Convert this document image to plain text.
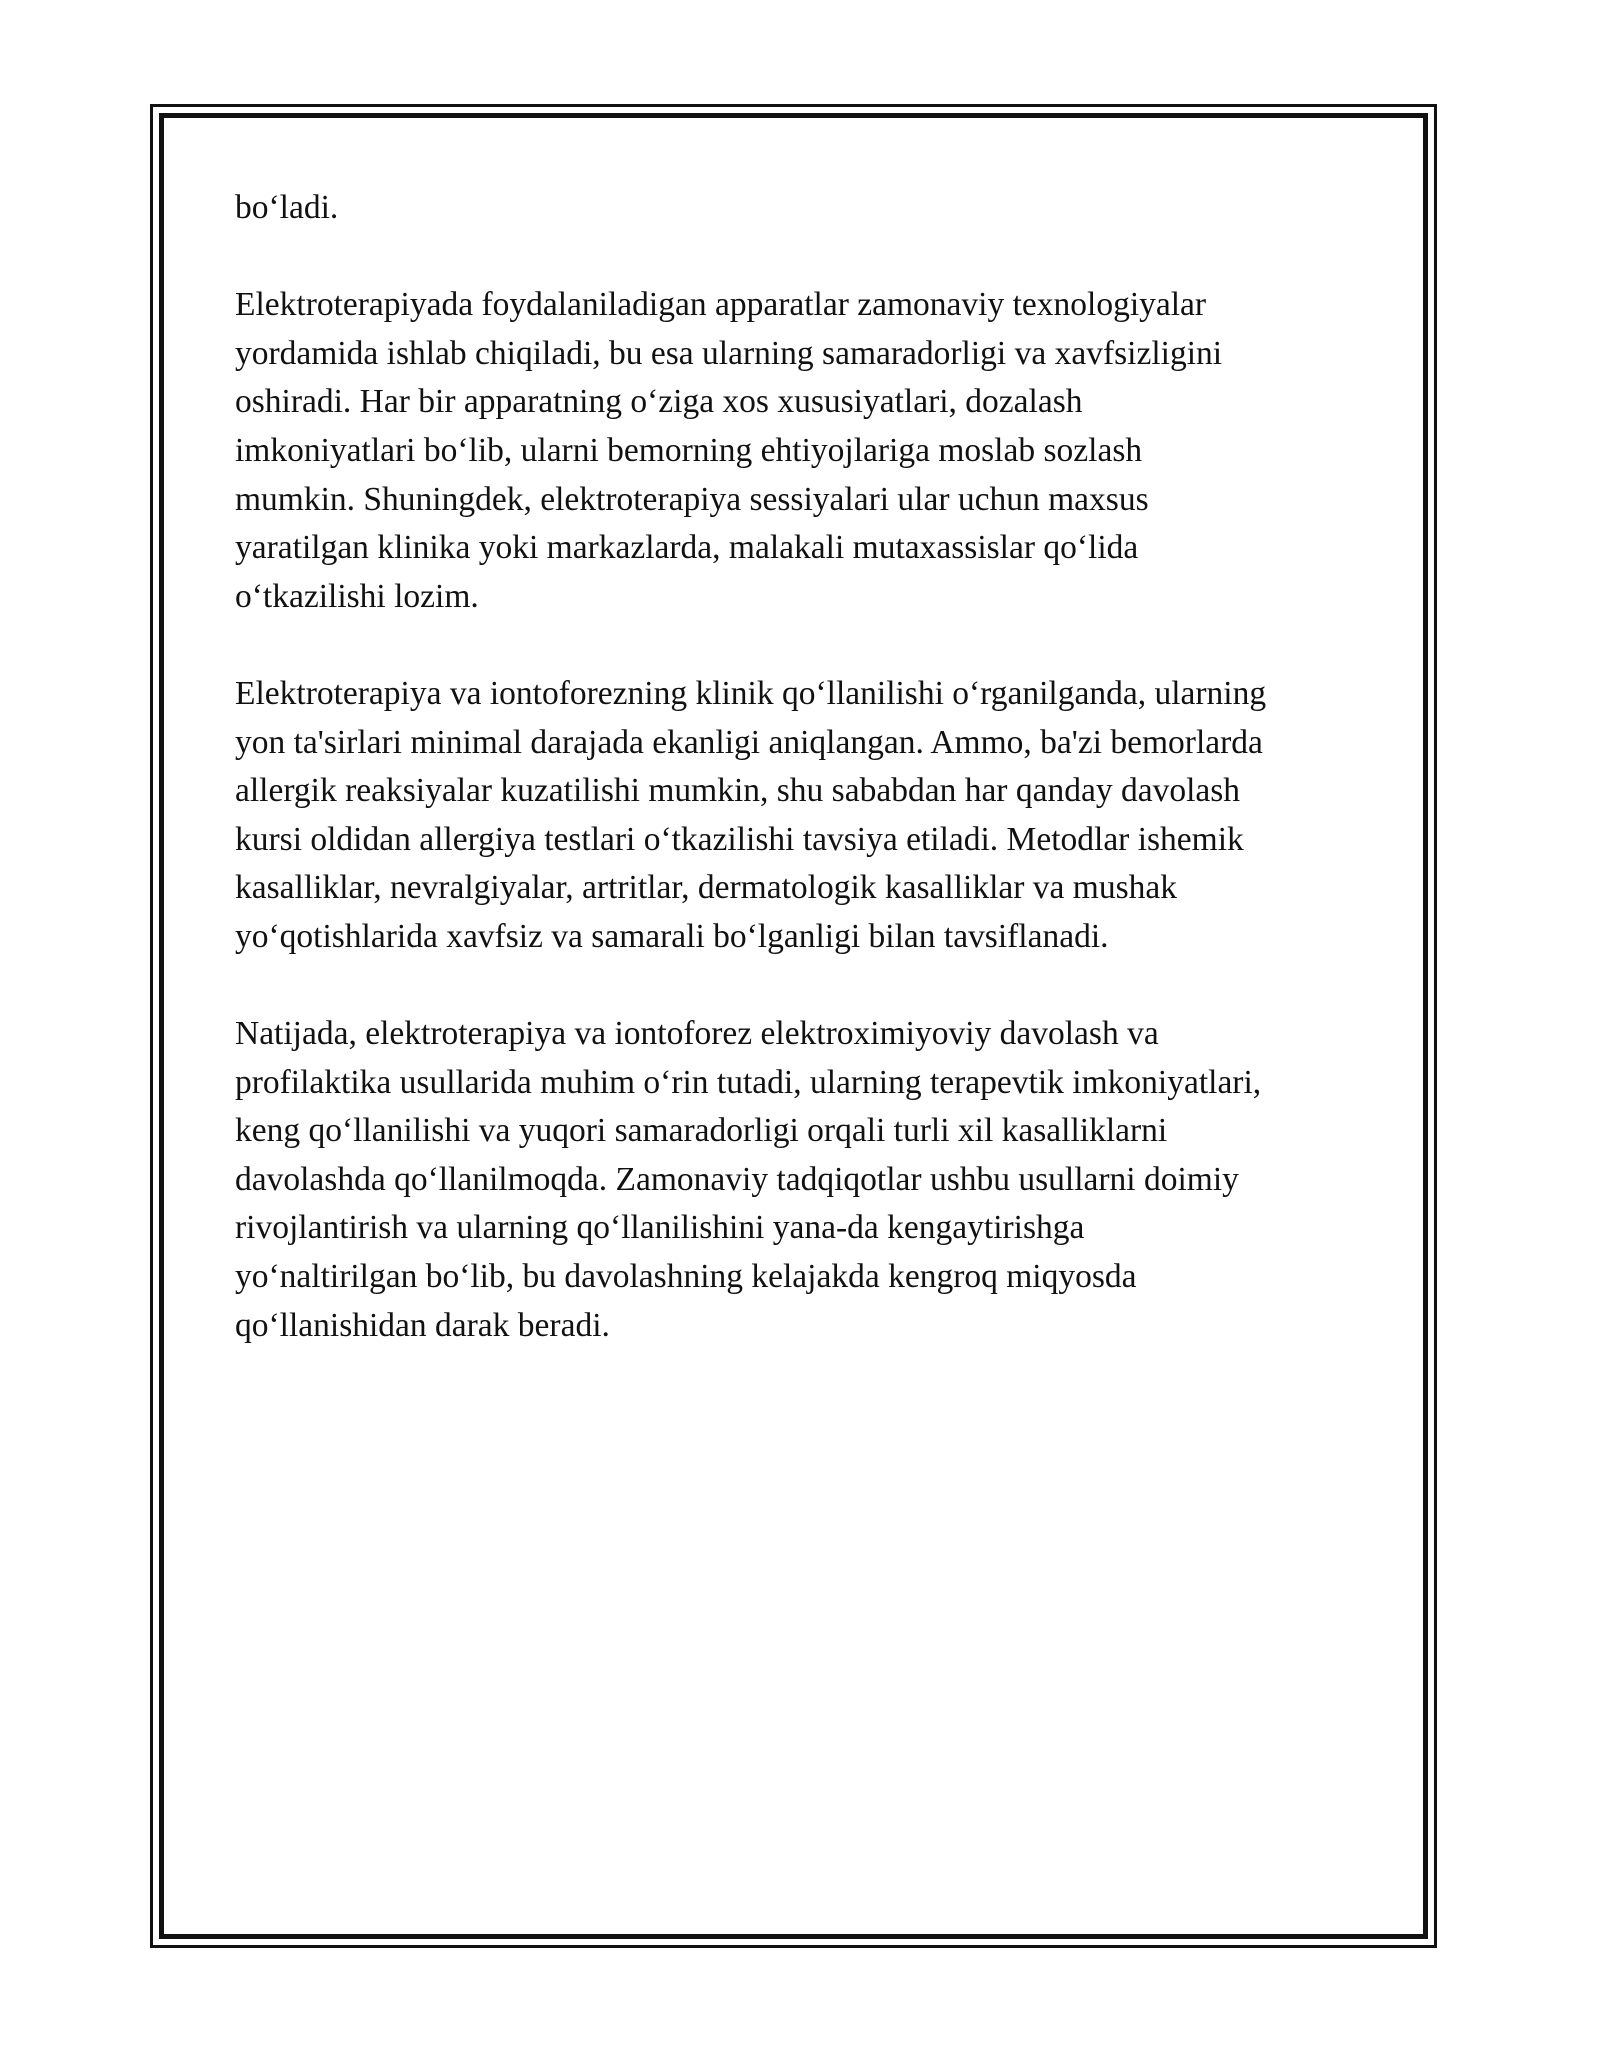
bo‘ladi.

Elektroterapiyada foydalaniladigan apparatlar zamonaviy texnologiyalar
yordamida ishlab chiqiladi, bu esa ularning samaradorligi va xavfsizligini
oshiradi. Har bir apparatning o‘ziga xos xususiyatlari, dozalash
imkoniyatlari bo‘lib, ularni bemorning ehtiyojlariga moslab sozlash
mumkin. Shuningdek, elektroterapiya sessiyalari ular uchun maxsus
yaratilgan klinika yoki markazlarda, malakali mutaxassislar qo‘lida
o‘tkazilishi lozim.

Elektroterapiya va iontoforezning klinik qo‘llanilishi o‘rganilganda, ularning
yon ta'sirlari minimal darajada ekanligi aniqlangan. Ammo, ba'zi bemorlarda
allergik reaksiyalar kuzatilishi mumkin, shu sababdan har qanday davolash
kursi oldidan allergiya testlari o‘tkazilishi tavsiya etiladi. Metodlar ishemik
kasalliklar, nevralgiyalar, artritlar, dermatologik kasalliklar va mushak
yo‘qotishlarida xavfsiz va samarali bo‘lganligi bilan tavsiflanadi.

Natijada, elektroterapiya va iontoforez elektroximiyoviy davolash va
profilaktika usullarida muhim o‘rin tutadi, ularning terapevtik imkoniyatlari,
keng qo‘llanilishi va yuqori samaradorligi orqali turli xil kasalliklarni
davolashda qo‘llanilmoqda. Zamonaviy tadqiqotlar ushbu usullarni doimiy
rivojlantirish va ularning qo‘llanilishini yana-da kengaytirishga
yo‘naltirilgan bo‘lib, bu davolashning kelajakda kengroq miqyosda
qo‘llanishidan darak beradi.
